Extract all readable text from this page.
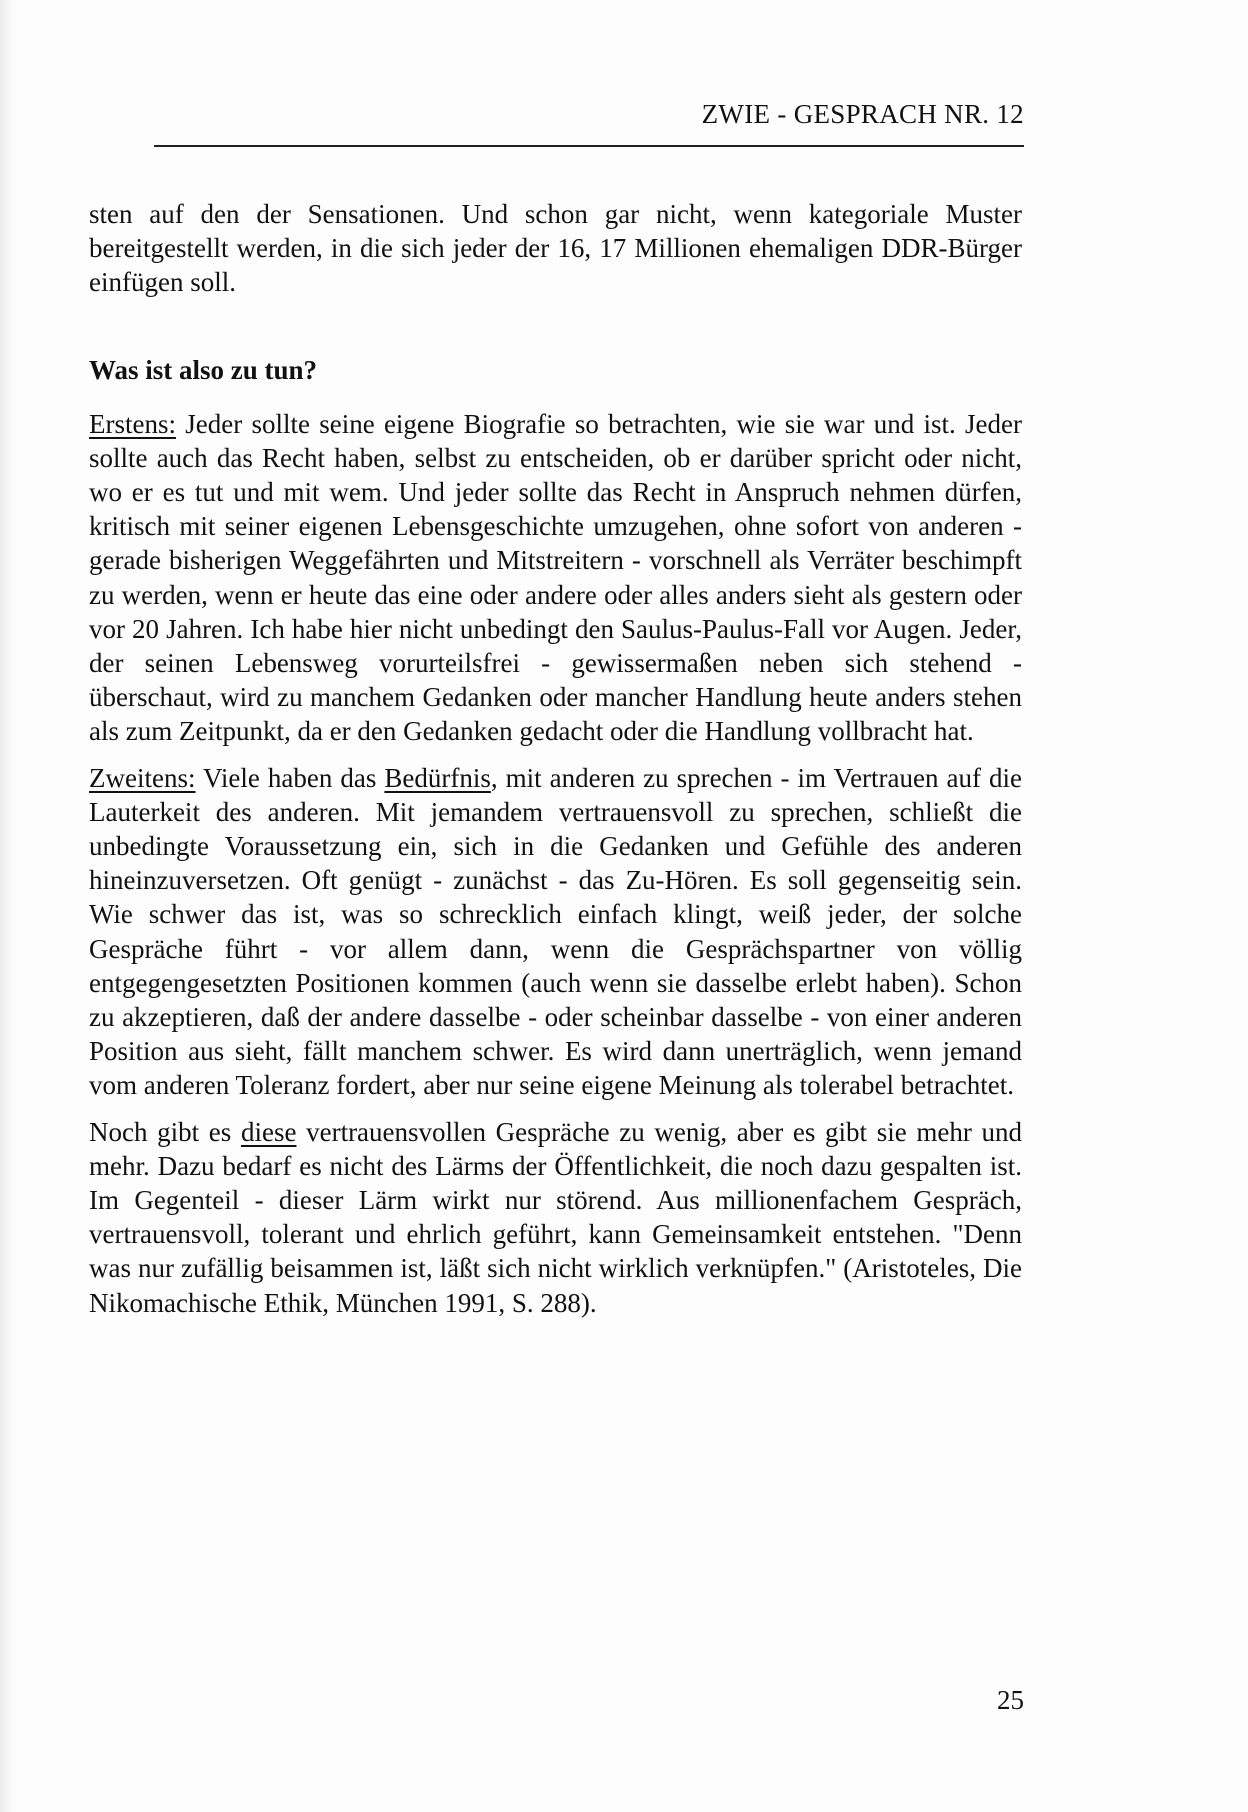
ZWIE - GESPRACH NR. 12

sten auf den der Sensationen. Und schon gar nicht, wenn kategoriale Muster bereitgestellt werden, in die sich jeder der 16, 17 Millionen ehemaligen DDR-Bürger einfügen soll.

Was ist also zu tun?

Erstens: Jeder sollte seine eigene Biografie so betrachten, wie sie war und ist. Jeder sollte auch das Recht haben, selbst zu entscheiden, ob er darüber spricht oder nicht, wo er es tut und mit wem. Und jeder sollte das Recht in Anspruch nehmen dürfen, kritisch mit seiner eigenen Lebensgeschichte umzugehen, ohne sofort von anderen - gerade bisherigen Weggefährten und Mitstreitern - vorschnell als Verräter beschimpft zu werden, wenn er heute das eine oder andere oder alles anders sieht als gestern oder vor 20 Jahren. Ich habe hier nicht unbedingt den Saulus-Paulus-Fall vor Augen. Jeder, der seinen Lebensweg vorurteilsfrei - gewissermaßen neben sich stehend - überschaut, wird zu manchem Gedanken oder mancher Handlung heute anders stehen als zum Zeitpunkt, da er den Gedanken gedacht oder die Handlung vollbracht hat.

Zweitens: Viele haben das Bedürfnis, mit anderen zu sprechen - im Vertrauen auf die Lauterkeit des anderen. Mit jemandem vertrauensvoll zu sprechen, schließt die unbedingte Voraussetzung ein, sich in die Gedanken und Gefühle des anderen hineinzuversetzen. Oft genügt - zunächst - das Zu-Hören. Es soll gegenseitig sein. Wie schwer das ist, was so schrecklich einfach klingt, weiß jeder, der solche Gespräche führt - vor allem dann, wenn die Gesprächspartner von völlig entgegengesetzten Positionen kommen (auch wenn sie dasselbe erlebt haben). Schon zu akzeptieren, daß der andere dasselbe - oder scheinbar dasselbe - von einer anderen Position aus sieht, fällt manchem schwer. Es wird dann unerträglich, wenn jemand vom anderen Toleranz fordert, aber nur seine eigene Meinung als tolerabel betrachtet.

Noch gibt es diese vertrauensvollen Gespräche zu wenig, aber es gibt sie mehr und mehr. Dazu bedarf es nicht des Lärms der Öffentlichkeit, die noch dazu gespalten ist. Im Gegenteil - dieser Lärm wirkt nur störend. Aus millionenfachem Gespräch, vertrauensvoll, tolerant und ehrlich geführt, kann Gemeinsamkeit entstehen. "Denn was nur zufällig beisammen ist, läßt sich nicht wirklich verknüpfen." (Aristoteles, Die Nikomachische Ethik, München 1991, S. 288).

25
